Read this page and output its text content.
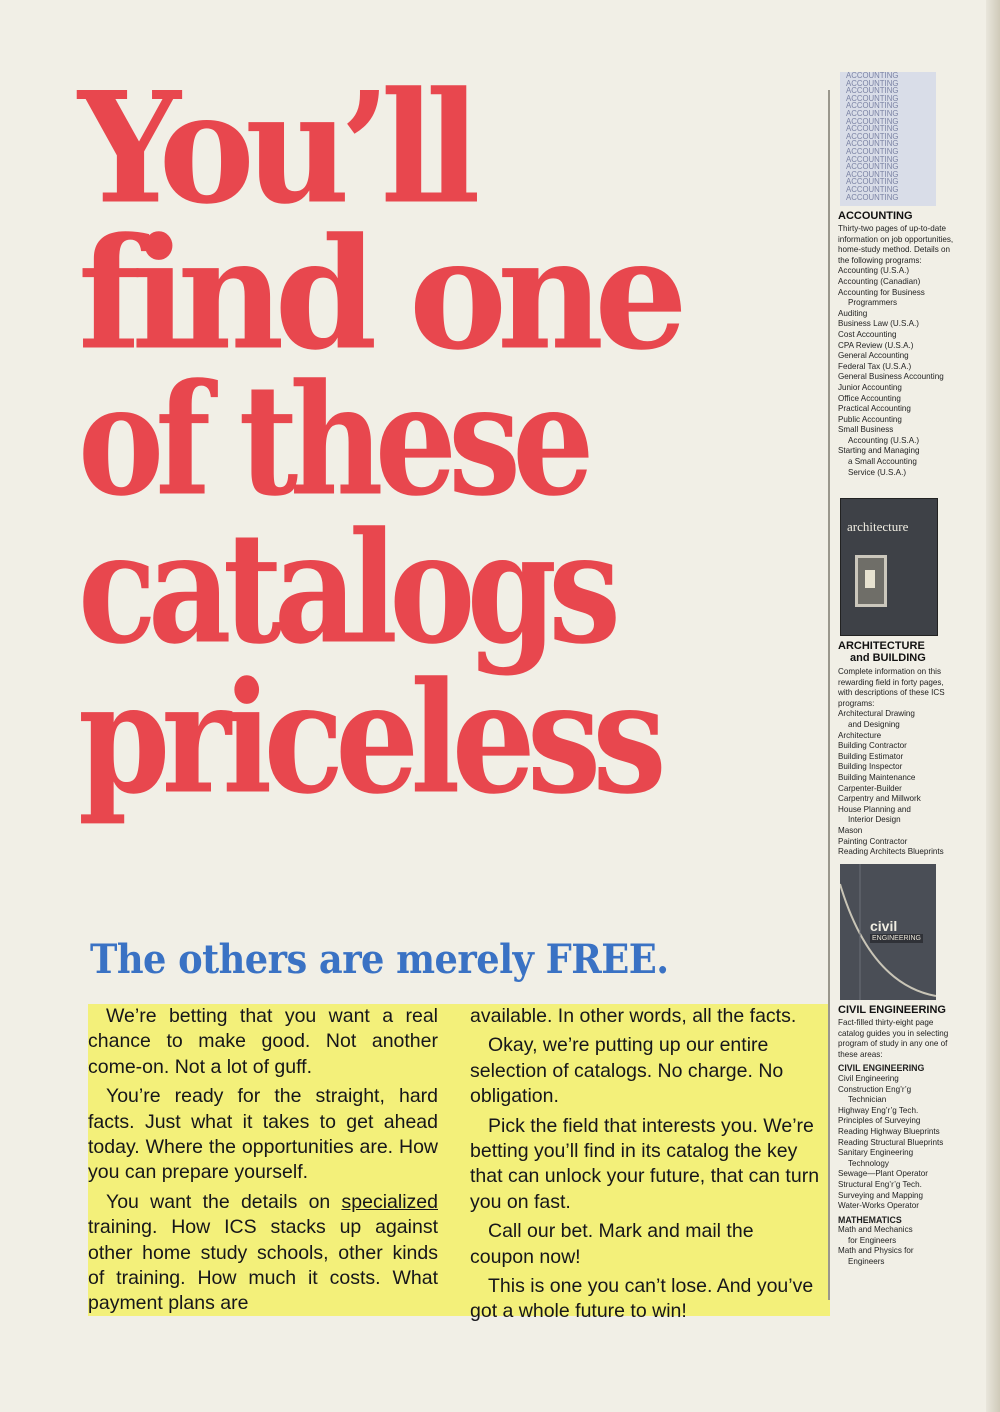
You’ll
find one
of these
catalogs
priceless
The others are merely FREE.

We’re betting that you want a real chance to make good. Not another come-on. Not a lot of guff.

You’re ready for the straight, hard facts. Just what it takes to get ahead today. Where the opportunities are. How you can prepare yourself.

You want the details on specialized training. How ICS stacks up against other home study schools, other kinds of training. How much it costs. What payment plans are

available. In other words, all the facts.

Okay, we’re putting up our entire selection of catalogs. No charge. No obligation.

Pick the field that interests you. We’re betting you’ll find in its catalog the key that can unlock your future, that can turn you on fast.

Call our bet. Mark and mail the coupon now!

This is one you can’t lose. And you’ve got a whole future to win!

ACCOUNTING
ACCOUNTING
ACCOUNTING
ACCOUNTING
ACCOUNTING
ACCOUNTING
ACCOUNTING
ACCOUNTING
ACCOUNTING
ACCOUNTING
ACCOUNTING
ACCOUNTING
ACCOUNTING
ACCOUNTING
ACCOUNTING
ACCOUNTING
ACCOUNTING
ACCOUNTING

Thirty-two pages of up-to-date information on job opportunities, home-study method. Details on the following programs:

Accounting (U.S.A.)
Accounting (Canadian)
Accounting for Business
Programmers
Auditing
Business Law (U.S.A.)
Cost Accounting
CPA Review (U.S.A.)
General Accounting
Federal Tax (U.S.A.)
General Business Accounting
Junior Accounting
Office Accounting
Practical Accounting
Public Accounting
Small Business
Accounting (U.S.A.)
Starting and Managing
a Small Accounting
Service (U.S.A.)
architecture
ARCHITECTURE
and BUILDING

Complete information on this rewarding field in forty pages, with descriptions of these ICS programs:

Architectural Drawing
and Designing
Architecture
Building Contractor
Building Estimator
Building Inspector
Building Maintenance
Carpenter-Builder
Carpentry and Millwork
House Planning and
Interior Design
Mason
Painting Contractor
Reading Architects Blueprints
civil
ENGINEERING
CIVIL ENGINEERING

Fact-filled thirty-eight page catalog guides you in selecting program of study in any one of these areas:

CIVIL ENGINEERING
Civil Engineering
Construction Eng’r’g
Technician
Highway Eng’r’g Tech.
Principles of Surveying
Reading Highway Blueprints
Reading Structural Blueprints
Sanitary Engineering
Technology
Sewage—Plant Operator
Structural Eng’r’g Tech.
Surveying and Mapping
Water-Works Operator
MATHEMATICS
Math and Mechanics
for Engineers
Math and Physics for
Engineers
